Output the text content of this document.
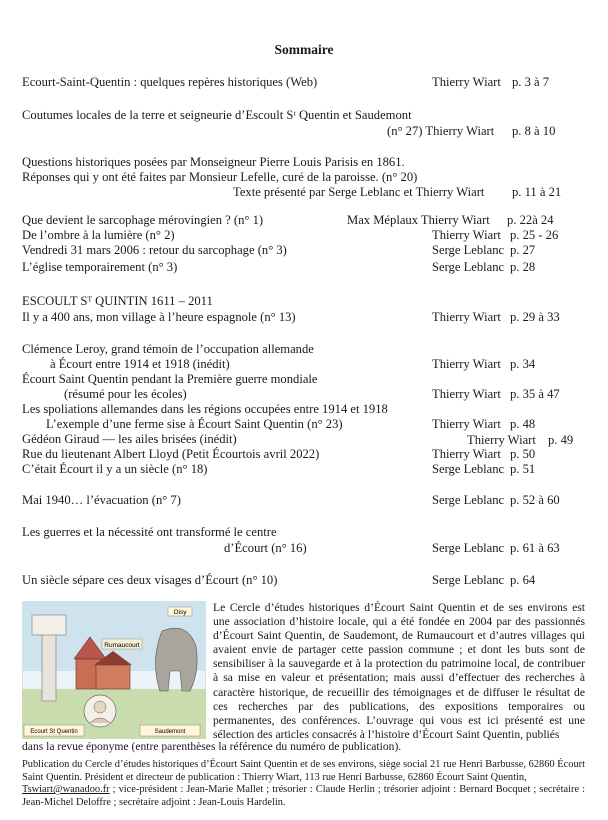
Sommaire
Ecourt-Saint-Quentin : quelques repères historiques (Web)	Thierry Wiart p. 3 à 7
Coutumes locales de la terre et seigneurie d’Escoult Sᵗ Quentin et Saudemont
(n° 27) Thierry Wiart p. 8 à 10
Questions historiques posées par Monseigneur Pierre Louis Parisis en 1861.
Réponses qui y ont été faites par Monsieur Lefelle, curé de la paroisse. (n° 20)
Texte présenté par Serge Leblanc et Thierry Wiart p. 11 à 21
Que devient le sarcophage mérovingien ? (n° 1)	Max Méplaux Thierry Wiart p. 22à 24
De l’ombre à la lumière (n° 2)	Thierry Wiart p. 25 - 26
Vendredi 31 mars 2006 : retour du sarcophage (n° 3)	Serge Leblanc p. 27
L’église temporairement (n° 3)	Serge Leblanc p. 28
ESCOULT Sᵀ QUINTIN 1611 – 2011
Il y a 400 ans, mon village à l’heure espagnole (n° 13)	Thierry Wiart p. 29 à 33
Clémence Leroy, grand témoin de l’occupation allemande
à Écourt entre 1914 et 1918 (inédit)	Thierry Wiart p. 34
Écourt Saint Quentin pendant la Première guerre mondiale
(résumé pour les écoles)	Thierry Wiart p. 35 à 47
Les spoliations allemandes dans les régions occupées entre 1914 et 1918
L’exemple d’une ferme sise à Écourt Saint Quentin (n° 23)	Thierry Wiart p. 48
Gédéon Giraud — les ailes brisées (inédit)	Thierry Wiart p. 49
Rue du lieutenant Albert Lloyd (Petit Écourtois avril 2022)	Thierry Wiart p. 50
C’était Écourt il y a un siècle (n° 18)	Serge Leblanc p. 51
Mai 1940… l’évacuation (n° 7)	Serge Leblanc p. 52 à 60
Les guerres et la nécessité ont transformé le centre
d’Écourt (n° 16)	Serge Leblanc p. 61 à 63
Un siècle sépare ces deux visages d’Écourt (n° 10)	Serge Leblanc p. 64
Oisy
Rumaucourt
Ecourt St Quentin	Saudemont
Le Cercle d’études historiques d’Écourt Saint Quentin et de ses environs est une association d’histoire locale, qui a été fondée en 2004 par des passionnés d’Écourt Saint Quentin, de Saudemont, de Rumaucourt et d’autres villages qui avaient envie de partager cette passion commune ; et dont les buts sont de sensibiliser à la sauvegarde et à la protection du patrimoine local, de contribuer à sa mise en valeur et présentation; mais aussi d’effectuer des recherches à caractère historique, de recueillir des témoignages et de diffuser le résultat de ces recherches par des publications, des expositions temporaires ou permanentes, des conférences. L’ouvrage qui vous est ici présenté est une sélection des articles consacrés à l’histoire d’Écourt Saint Quentin, publiés
dans la revue éponyme (entre parenthèses la référence du numéro de publication).
Publication du Cercle d’études historiques d’Écourt Saint Quentin et de ses environs, siège social 21 rue Henri Barbusse, 62860 Écourt Saint Quentin. Président et directeur de publication : Thierry Wiart, 113 rue Henri Barbusse, 62860 Écourt Saint Quentin,
Tswiart@wanadoo.fr ; vice-président : Jean-Marie Mallet ; trésorier : Claude Herlin ; trésorier adjoint : Bernard Bocquet ; secrétaire : Jean-Michel Deloffre ; secrétaire adjoint : Jean-Louis Hardelin.
